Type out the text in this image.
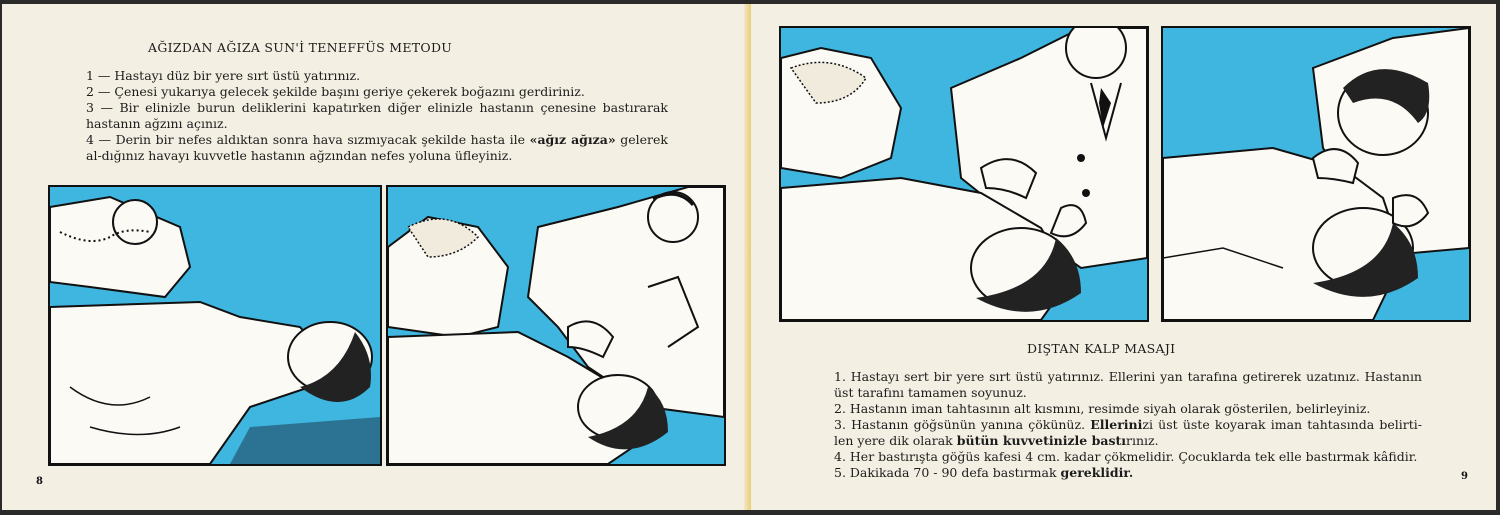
AĞIZDAN AĞIZA SUN'İ TENEFFÜS METODU

1 — Hastayı düz bir yere sırt üstü yatırınız.

2 — Çenesi yukarıya gelecek şekilde başını geriye çekerek boğazını gerdiriniz.

3 — Bir elinizle burun deliklerini kapatırken diğer elinizle hastanın çenesine bastırarak hastanın ağzını açınız.

4 — Derin bir nefes aldıktan sonra hava sızmıyacak şekilde hasta ile «ağız ağıza» gelerek al-dığınız havayı kuvvetle hastanın ağzından nefes yoluna üfleyiniz.

8
DIŞTAN KALP MASAJI

1. Hastayı sert bir yere sırt üstü yatırınız. Ellerini yan tarafına getirerek uzatınız. Hastanın üst tarafını tamamen soyunuz.

2. Hastanın iman tahtasının alt kısmını, resimde siyah olarak gösterilen, belirleyiniz.

3. Hastanın göğsünün yanına çökünüz. Ellerinizi üst üste koyarak iman tahtasında belirti-len yere dik olarak bütün kuvvetinizle bastırınız.

4. Her bastırışta göğüs kafesi 4 cm. kadar çökmelidir. Çocuklarda tek elle bastırmak kâfidir.

5. Dakikada 70 - 90 defa bastırmak gereklidir.	9
